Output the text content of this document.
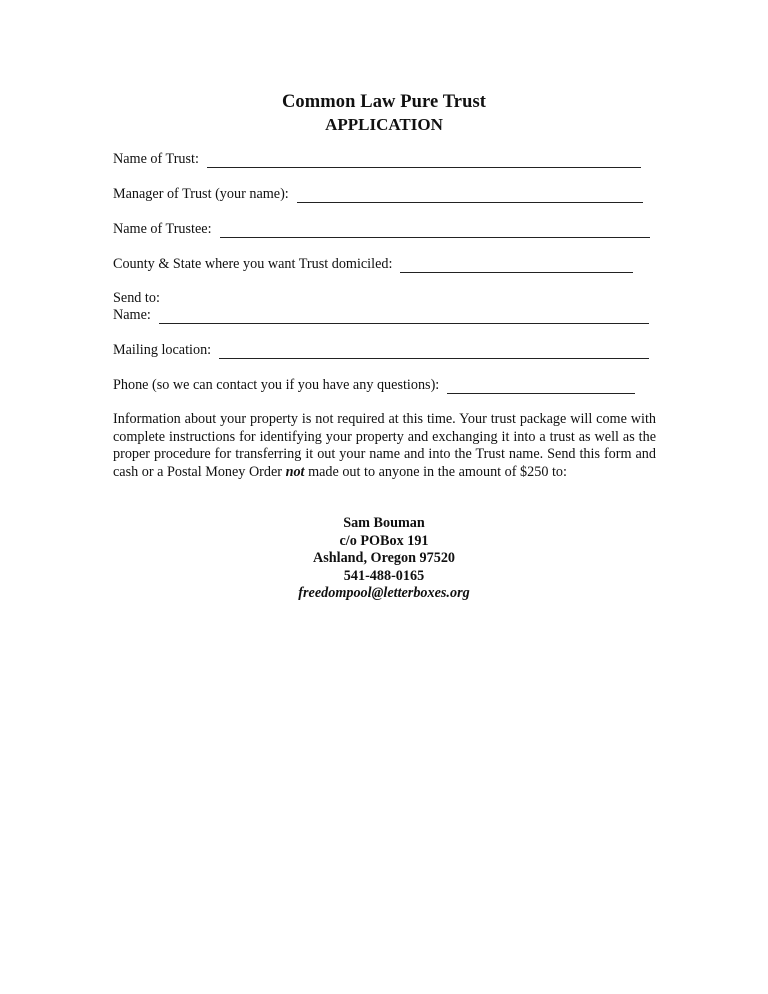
Common Law Pure Trust
APPLICATION
Name of Trust:
Manager of Trust (your name):
Name of Trustee:
County & State where you want Trust domiciled:
Send to:
Name:
Mailing location:
Phone (so we can contact you if you have any questions):
Information about your property is not required at this time. Your trust package will come with complete instructions for identifying your property and exchanging it into a trust as well as the proper procedure for transferring it out your name and into the Trust name. Send this form and cash or a Postal Money Order not made out to anyone in the amount of $250 to:
Sam Bouman
c/o POBox 191
Ashland, Oregon 97520
541-488-0165
freedompool@letterboxes.org
